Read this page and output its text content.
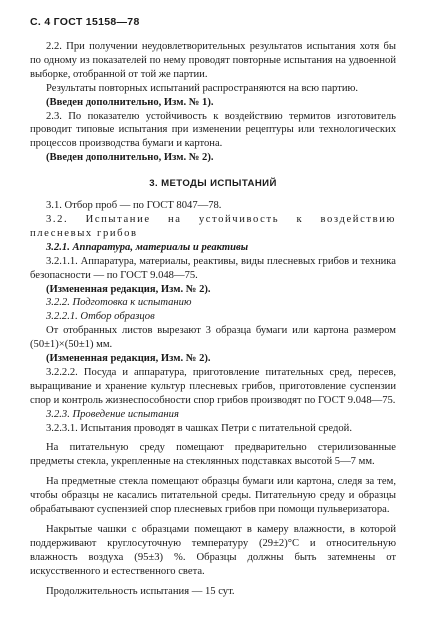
С. 4 ГОСТ 15158—78

2.2. При получении неудовлетворительных результатов испытания хотя бы по одному из показателей по нему проводят повторные испытания на удвоенной выборке, отобранной от той же партии.

Результаты повторных испытаний распространяются на всю партию.

(Введен дополнительно, Изм. № 1).

2.3. По показателю устойчивость к воздействию термитов изготовитель проводит типовые испытания при изменении рецептуры или технологических процессов производства бумаги и картона.

(Введен дополнительно, Изм. № 2).

3. МЕТОДЫ ИСПЫТАНИЙ

3.1. Отбор проб — по ГОСТ 8047—78.

3.2. Испытание на устойчивость к воздействию плесневых грибов

3.2.1. Аппаратура, материалы и реактивы

3.2.1.1. Аппаратура, материалы, реактивы, виды плесневых грибов и техника безопасности — по ГОСТ 9.048—75.

(Измененная редакция, Изм. № 2).

3.2.2. Подготовка к испытанию

3.2.2.1. Отбор образцов

От отобранных листов вырезают 3 образца бумаги или картона размером (50±1)×(50±1) мм.

(Измененная редакция, Изм. № 2).

3.2.2.2. Посуда и аппаратура, приготовление питательных сред, пересев, выращивание и хранение культур плесневых грибов, приготовление суспензии спор и контроль жизнеспособности спор грибов производят по ГОСТ 9.048—75.

3.2.3. Проведение испытания

3.2.3.1. Испытания проводят в чашках Петри с питательной средой.

На питательную среду помещают предварительно стерилизованные предметы стекла, укрепленные на стеклянных подставках высотой 5—7 мм.

На предметные стекла помещают образцы бумаги или картона, следя за тем, чтобы образцы не касались питательной среды. Питательную среду и образцы обрабатывают суспензией спор плесневых грибов при помощи пульверизатора.

Накрытые чашки с образцами помещают в камеру влажности, в которой поддерживают круглосуточную температуру (29±2)°С и относительную влажность воздуха (95±3) %. Образцы должны быть затемнены от искусственного и естественного света.

Продолжительность испытания — 15 сут.
